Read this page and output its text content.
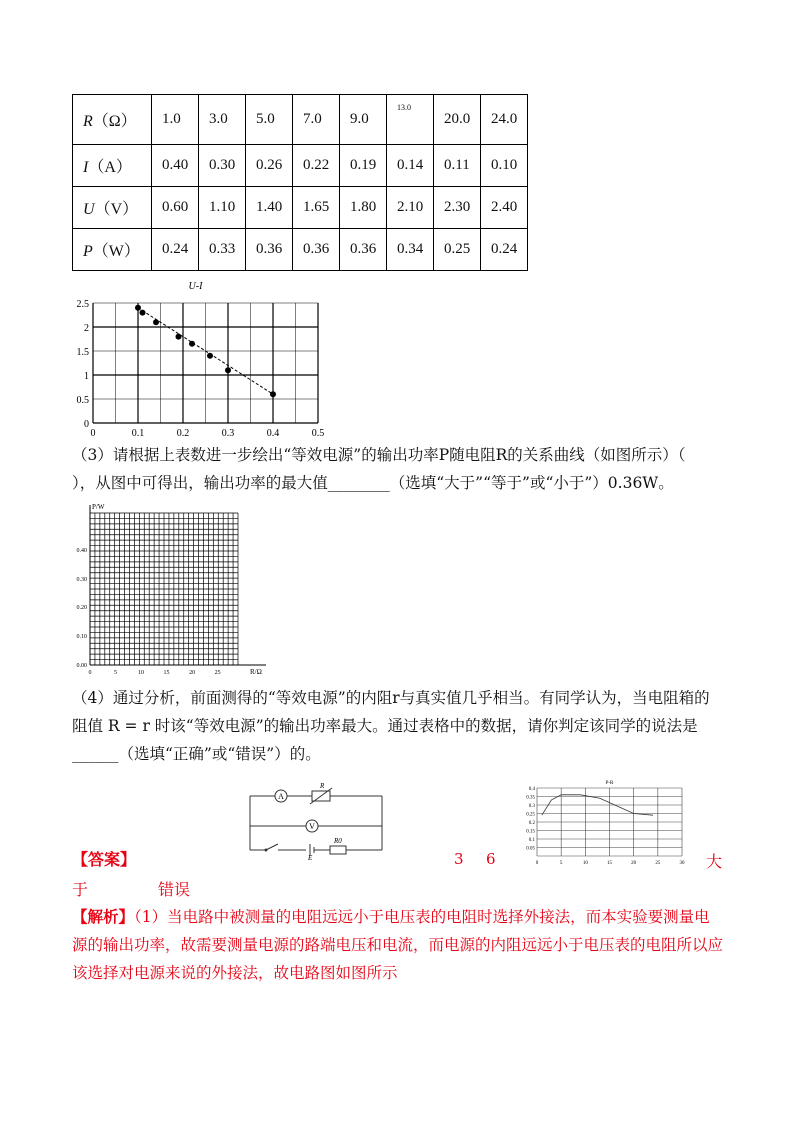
R（Ω）	1.0	3.0	5.0	7.0	9.0	13.0	20.0	24.0
I（A）	0.40	0.30	0.26	0.22	0.19	0.14	0.11	0.10
U（V）	0.60	1.10	1.40	1.65	1.80	2.10	2.30	2.40
P（W）	0.24	0.33	0.36	0.36	0.36	0.34	0.25	0.24
U-I
0	0.1	0.2	0.3	0.4	0.5
0
0.5
1
1.5
2
2.5
（3）请根据上表数进一步绘出“等效电源”的输出功率P随电阻R的关系曲线（如图所示）（
），从图中可得出，输出功率的最大值________（选填“大于”“等于”或“小于”）0.36W。
P/W
R/Ω
0	5	10	15	20	25
0.00
0.10
0.20
0.30
0.40
（4）通过分析，前面测得的“等效电源”的内阻r与真实值几乎相当。有同学认为，当电阻箱的
阻值 R = r 时该“等效电源”的输出功率最大。通过表格中的数据，请你判定该同学的说法是
______（选填“正确”或“错误”）的。
A
R
V
E
R0
P-R
0	5	10	15	20	25	30
0.05
0.1
0.15
0.2
0.25
0.3
0.35
0.4
【答案】	3 6	大
于	错误
【解析】（1）当电路中被测量的电阻远远小于电压表的电阻时选择外接法，而本实验要测量电
源的输出功率，故需要测量电源的路端电压和电流，而电源的内阻远远小于电压表的电阻所以应
该选择对电源来说的外接法，故电路图如图所示
